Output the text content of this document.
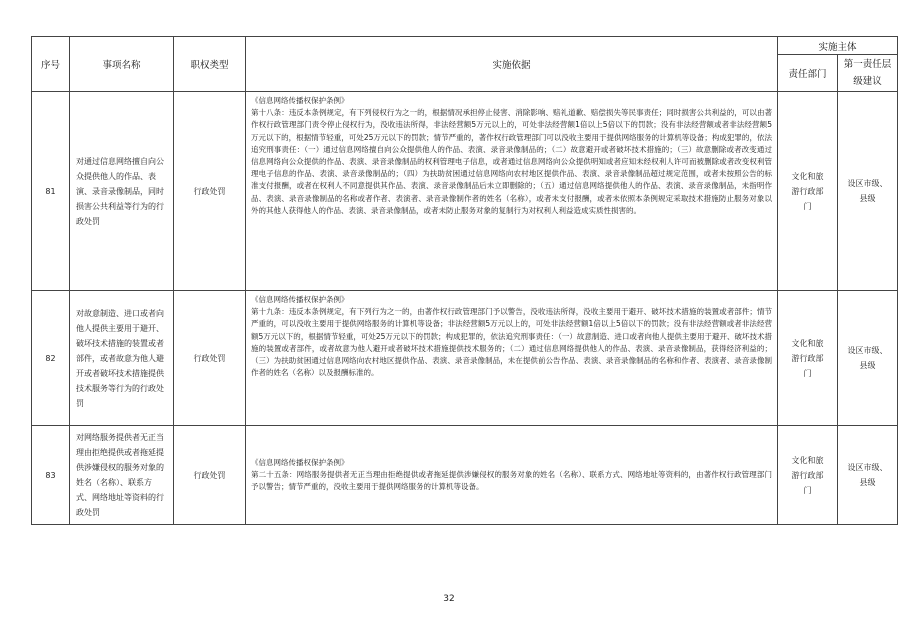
序号	事项名称	职权类型	实施依据	实施主体	
				责任部门	第一责任层级建议
81	对通过信息网络擅自向公众提供他人的作品、表演、录音录像制品，同时损害公共利益等行为的行政处罚	行政处罚	《信息网络传播权保护条例》
第十八条：违反本条例规定，有下列侵权行为之一的，根据情况承担停止侵害、消除影响、赔礼道歉、赔偿损失等民事责任；同时损害公共利益的，可以由著作权行政管理部门责令停止侵权行为，没收违法所得，非法经营额5万元以上的，可处非法经营额1倍以上5倍以下的罚款；没有非法经营额或者非法经营额5万元以下的，根据情节轻重，可处25万元以下的罚款；情节严重的，著作权行政管理部门可以没收主要用于提供网络服务的计算机等设备；构成犯罪的，依法追究刑事责任：（一）通过信息网络擅自向公众提供他人的作品、表演、录音录像制品的；（二）故意避开或者破坏技术措施的；（三）故意删除或者改变通过信息网络向公众提供的作品、表演、录音录像制品的权利管理电子信息，或者通过信息网络向公众提供明知或者应知未经权利人许可而被删除或者改变权利管理电子信息的作品、表演、录音录像制品的；（四）为扶助贫困通过信息网络向农村地区提供作品、表演、录音录像制品超过规定范围，或者未按照公告的标准支付报酬，或者在权利人不同意提供其作品、表演、录音录像制品后未立即删除的；（五）通过信息网络提供他人的作品、表演、录音录像制品，未指明作品、表演、录音录像制品的名称或者作者、表演者、录音录像制作者的姓名（名称），或者未支付报酬，或者未依照本条例规定采取技术措施防止服务对象以外的其他人获得他人的作品、表演、录音录像制品，或者未防止服务对象的复制行为对权利人利益造成实质性损害的。	文化和旅游行政部门	设区市级、县级
82	对故意制造、进口或者向他人提供主要用于避开、破坏技术措施的装置或者部件，或者故意为他人避开或者破坏技术措施提供技术服务等行为的行政处罚	行政处罚	《信息网络传播权保护条例》
第十九条：违反本条例规定，有下列行为之一的，由著作权行政管理部门予以警告，没收违法所得，没收主要用于避开、破坏技术措施的装置或者部件；情节严重的，可以没收主要用于提供网络服务的计算机等设备；非法经营额5万元以上的，可处非法经营额1倍以上5倍以下的罚款；没有非法经营额或者非法经营额5万元以下的，根据情节轻重，可处25万元以下的罚款；构成犯罪的，依法追究刑事责任：（一）故意制造、进口或者向他人提供主要用于避开、破坏技术措施的装置或者部件，或者故意为他人避开或者破坏技术措施提供技术服务的；（二）通过信息网络提供他人的作品、表演、录音录像制品，获得经济利益的；（三）为扶助贫困通过信息网络向农村地区提供作品、表演、录音录像制品，未在提供前公告作品、表演、录音录像制品的名称和作者、表演者、录音录像制作者的姓名（名称）以及报酬标准的。	文化和旅游行政部门	设区市级、县级
83	对网络服务提供者无正当理由拒绝提供或者拖延提供涉嫌侵权的服务对象的姓名（名称）、联系方式、网络地址等资料的行政处罚	行政处罚	《信息网络传播权保护条例》
第二十五条：网络服务提供者无正当理由拒绝提供或者拖延提供涉嫌侵权的服务对象的姓名（名称）、联系方式、网络地址等资料的，由著作权行政管理部门予以警告；情节严重的，没收主要用于提供网络服务的计算机等设备。	文化和旅游行政部门	设区市级、县级
32
